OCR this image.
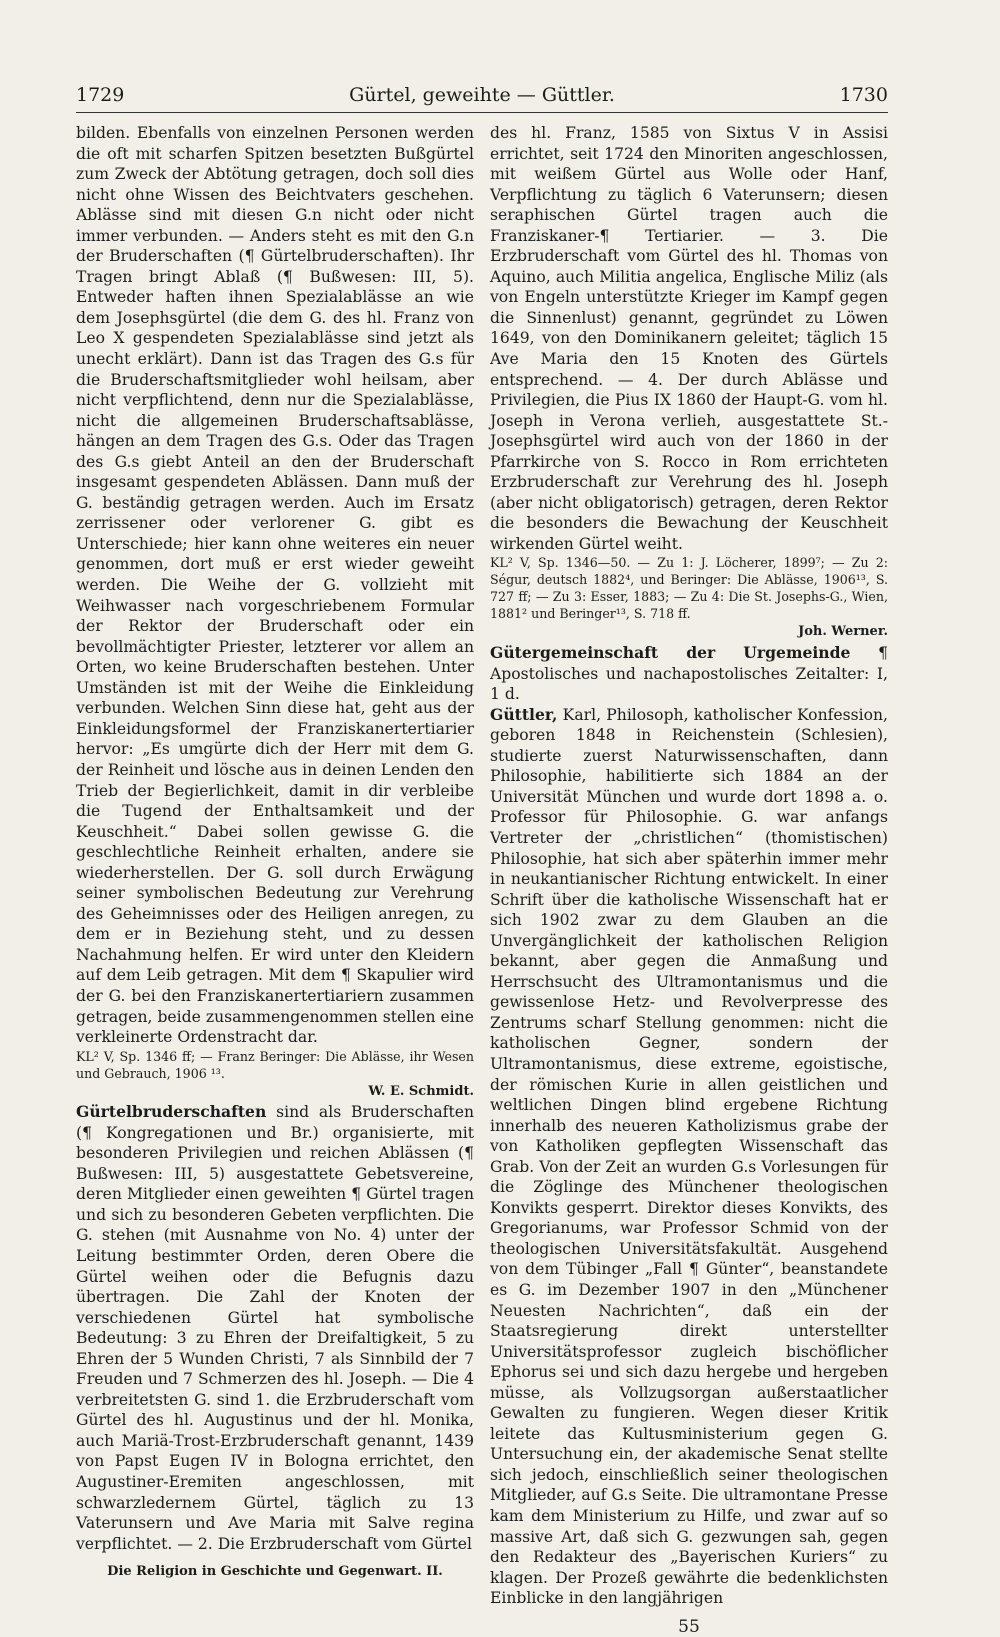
1729	Gürtel, geweihte — Güttler.	1730

bilden. Ebenfalls von einzelnen Personen werden die oft mit scharfen Spitzen besetzten Bußgürtel zum Zweck der Abtötung getragen, doch soll dies nicht ohne Wissen des Beichtvaters geschehen. Ablässe sind mit diesen G.n nicht oder nicht immer verbunden. — Anders steht es mit den G.n der Bruderschaften (¶ Gürtelbruderschaften). Ihr Tragen bringt Ablaß (¶ Bußwesen: III, 5). Entweder haften ihnen Spezialablässe an wie dem Josephsgürtel (die dem G. des hl. Franz von Leo X gespendeten Spezialablässe sind jetzt als unecht erklärt). Dann ist das Tragen des G.s für die Bruderschaftsmitglieder wohl heilsam, aber nicht verpflichtend, denn nur die Spezialablässe, nicht die allgemeinen Bruderschaftsablässe, hängen an dem Tragen des G.s. Oder das Tragen des G.s giebt Anteil an den der Bruderschaft insgesamt gespendeten Ablässen. Dann muß der G. beständig getragen werden. Auch im Ersatz zerrissener oder verlorener G. gibt es Unterschiede; hier kann ohne weiteres ein neuer genommen, dort muß er erst wieder geweiht werden. Die Weihe der G. vollzieht mit Weihwasser nach vorgeschriebenem Formular der Rektor der Bruderschaft oder ein bevollmächtigter Priester, letzterer vor allem an Orten, wo keine Bruderschaften bestehen. Unter Umständen ist mit der Weihe die Einkleidung verbunden. Welchen Sinn diese hat, geht aus der Einkleidungsformel der Franziskanertertiarier hervor: „Es umgürte dich der Herr mit dem G. der Reinheit und lösche aus in deinen Lenden den Trieb der Begierlichkeit, damit in dir verbleibe die Tugend der Enthaltsamkeit und der Keuschheit.“ Dabei sollen gewisse G. die geschlechtliche Reinheit erhalten, andere sie wiederherstellen. Der G. soll durch Erwägung seiner symbolischen Bedeutung zur Verehrung des Geheimnisses oder des Heiligen anregen, zu dem er in Beziehung steht, und zu dessen Nachahmung helfen. Er wird unter den Kleidern auf dem Leib getragen. Mit dem ¶ Skapulier wird der G. bei den Franziskanertertiariern zusammen getragen, beide zusammengenommen stellen eine verkleinerte Ordenstracht dar.

KL² V, Sp. 1346 ff; — Franz Beringer: Die Ablässe, ihr Wesen und Gebrauch, 1906 ¹³.

W. E. Schmidt.

Gürtelbruderschaften sind als Bruderschaften (¶ Kongregationen und Br.) organisierte, mit besonderen Privilegien und reichen Ablässen (¶ Bußwesen: III, 5) ausgestattete Gebetsvereine, deren Mitglieder einen geweihten ¶ Gürtel tragen und sich zu besonderen Gebeten verpflichten. Die G. stehen (mit Ausnahme von No. 4) unter der Leitung bestimmter Orden, deren Obere die Gürtel weihen oder die Befugnis dazu übertragen. Die Zahl der Knoten der verschiedenen Gürtel hat symbolische Bedeutung: 3 zu Ehren der Dreifaltigkeit, 5 zu Ehren der 5 Wunden Christi, 7 als Sinnbild der 7 Freuden und 7 Schmerzen des hl. Joseph. — Die 4 verbreitetsten G. sind 1. die Erzbruderschaft vom Gürtel des hl. Augustinus und der hl. Monika, auch Mariä-Trost-Erzbruderschaft genannt, 1439 von Papst Eugen IV in Bologna errichtet, den Augustiner-Eremiten angeschlossen, mit schwarzledernem Gürtel, täglich zu 13 Vaterunsern und Ave Maria mit Salve regina verpflichtet. — 2. Die Erzbruderschaft vom Gürtel

Die Religion in Geschichte und Gegenwart. II.

des hl. Franz, 1585 von Sixtus V in Assisi errichtet, seit 1724 den Minoriten angeschlossen, mit weißem Gürtel aus Wolle oder Hanf, Verpflichtung zu täglich 6 Vaterunsern; diesen seraphischen Gürtel tragen auch die Franziskaner-¶ Tertiarier. — 3. Die Erzbruderschaft vom Gürtel des hl. Thomas von Aquino, auch Militia angelica, Englische Miliz (als von Engeln unterstützte Krieger im Kampf gegen die Sinnenlust) genannt, gegründet zu Löwen 1649, von den Dominikanern geleitet; täglich 15 Ave Maria den 15 Knoten des Gürtels entsprechend. — 4. Der durch Ablässe und Privilegien, die Pius IX 1860 der Haupt-G. vom hl. Joseph in Verona verlieh, ausgestattete St.-Josephsgürtel wird auch von der 1860 in der Pfarrkirche von S. Rocco in Rom errichteten Erzbruderschaft zur Verehrung des hl. Joseph (aber nicht obligatorisch) getragen, deren Rektor die besonders die Bewachung der Keuschheit wirkenden Gürtel weiht.

KL² V, Sp. 1346—50. — Zu 1: J. Löcherer, 1899⁷; — Zu 2: Ségur, deutsch 1882⁴, und Beringer: Die Ablässe, 1906¹³, S. 727 ff; — Zu 3: Esser, 1883; — Zu 4: Die St. Josephs-G., Wien, 1881² und Beringer¹³, S. 718 ff.

Joh. Werner.

Gütergemeinschaft der Urgemeinde ¶ Apostolisches und nachapostolisches Zeitalter: I, 1 d.

Güttler, Karl, Philosoph, katholischer Konfession, geboren 1848 in Reichenstein (Schlesien), studierte zuerst Naturwissenschaften, dann Philosophie, habilitierte sich 1884 an der Universität München und wurde dort 1898 a. o. Professor für Philosophie. G. war anfangs Vertreter der „christlichen“ (thomistischen) Philosophie, hat sich aber späterhin immer mehr in neukantianischer Richtung entwickelt. In einer Schrift über die katholische Wissenschaft hat er sich 1902 zwar zu dem Glauben an die Unvergänglichkeit der katholischen Religion bekannt, aber gegen die Anmaßung und Herrschsucht des Ultramontanismus und die gewissenlose Hetz- und Revolverpresse des Zentrums scharf Stellung genommen: nicht die katholischen Gegner, sondern der Ultramontanismus, diese extreme, egoistische, der römischen Kurie in allen geistlichen und weltlichen Dingen blind ergebene Richtung innerhalb des neueren Katholizismus grabe der von Katholiken gepflegten Wissenschaft das Grab. Von der Zeit an wurden G.s Vorlesungen für die Zöglinge des Münchener theologischen Konvikts gesperrt. Direktor dieses Konvikts, des Gregorianums, war Professor Schmid von der theologischen Universitätsfakultät. Ausgehend von dem Tübinger „Fall ¶ Günter“, beanstandete es G. im Dezember 1907 in den „Münchener Neuesten Nachrichten“, daß ein der Staatsregierung direkt unterstellter Universitätsprofessor zugleich bischöflicher Ephorus sei und sich dazu hergebe und hergeben müsse, als Vollzugsorgan außerstaatlicher Gewalten zu fungieren. Wegen dieser Kritik leitete das Kultusministerium gegen G. Untersuchung ein, der akademische Senat stellte sich jedoch, einschließlich seiner theologischen Mitglieder, auf G.s Seite. Die ultramontane Presse kam dem Ministerium zu Hilfe, und zwar auf so massive Art, daß sich G. gezwungen sah, gegen den Redakteur des „Bayerischen Kuriers“ zu klagen. Der Prozeß gewährte die bedenklichsten Einblicke in den langjährigen

55
